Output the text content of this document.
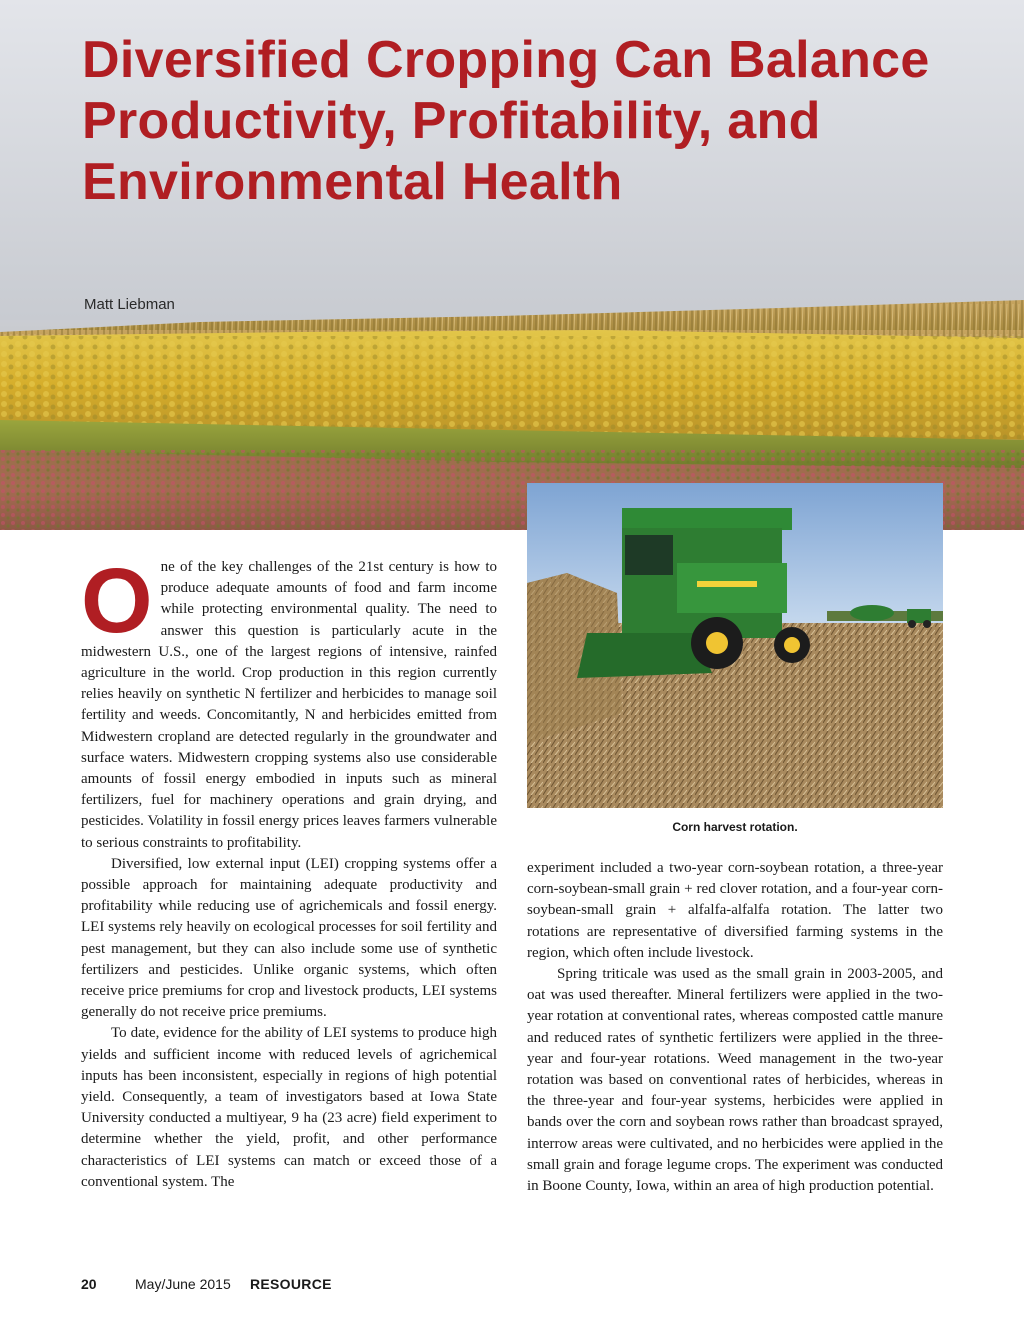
Diversified Cropping Can Balance Productivity, Profitability, and Environmental Health
Matt Liebman
Corn harvest rotation.

One of the key challenges of the 21st century is how to produce adequate amounts of food and farm income while protecting environmental quality. The need to answer this question is particularly acute in the midwestern U.S., one of the largest regions of intensive, rainfed agriculture in the world. Crop production in this region currently relies heavily on synthetic N fertilizer and herbicides to manage soil fertility and weeds. Concomitantly, N and herbicides emitted from Midwestern cropland are detected regularly in the groundwater and surface waters. Midwestern cropping systems also use considerable amounts of fossil energy embodied in inputs such as mineral fertilizers, fuel for machinery operations and grain drying, and pesticides. Volatility in fossil energy prices leaves farmers vulnerable to serious constraints to profitability.

Diversified, low external input (LEI) cropping systems offer a possible approach for maintaining adequate productivity and profitability while reducing use of agrichemicals and fossil energy. LEI systems rely heavily on ecological processes for soil fertility and pest management, but they can also include some use of synthetic fertilizers and pesticides. Unlike organic systems, which often receive price premiums for crop and livestock products, LEI systems generally do not receive price premiums.

To date, evidence for the ability of LEI systems to produce high yields and sufficient income with reduced levels of agrichemical inputs has been inconsistent, especially in regions of high potential yield. Consequently, a team of investigators based at Iowa State University conducted a multiyear, 9 ha (23 acre) field experiment to determine whether the yield, profit, and other performance characteristics of LEI systems can match or exceed those of a conventional system. The

experiment included a two-year corn-soybean rotation, a three-year corn-soybean-small grain + red clover rotation, and a four-year corn-soybean-small grain + alfalfa-alfalfa rotation. The latter two rotations are representative of diversified farming systems in the region, which often include livestock.

Spring triticale was used as the small grain in 2003-2005, and oat was used thereafter. Mineral fertilizers were applied in the two-year rotation at conventional rates, whereas composted cattle manure and reduced rates of synthetic fertilizers were applied in the three-year and four-year rotations. Weed management in the two-year rotation was based on conventional rates of herbicides, whereas in the three-year and four-year systems, herbicides were applied in bands over the corn and soybean rows rather than broadcast sprayed, interrow areas were cultivated, and no herbicides were applied in the small grain and forage legume crops. The experiment was conducted in Boone County, Iowa, within an area of high production potential.

20	May/June 2015	RESOURCE
